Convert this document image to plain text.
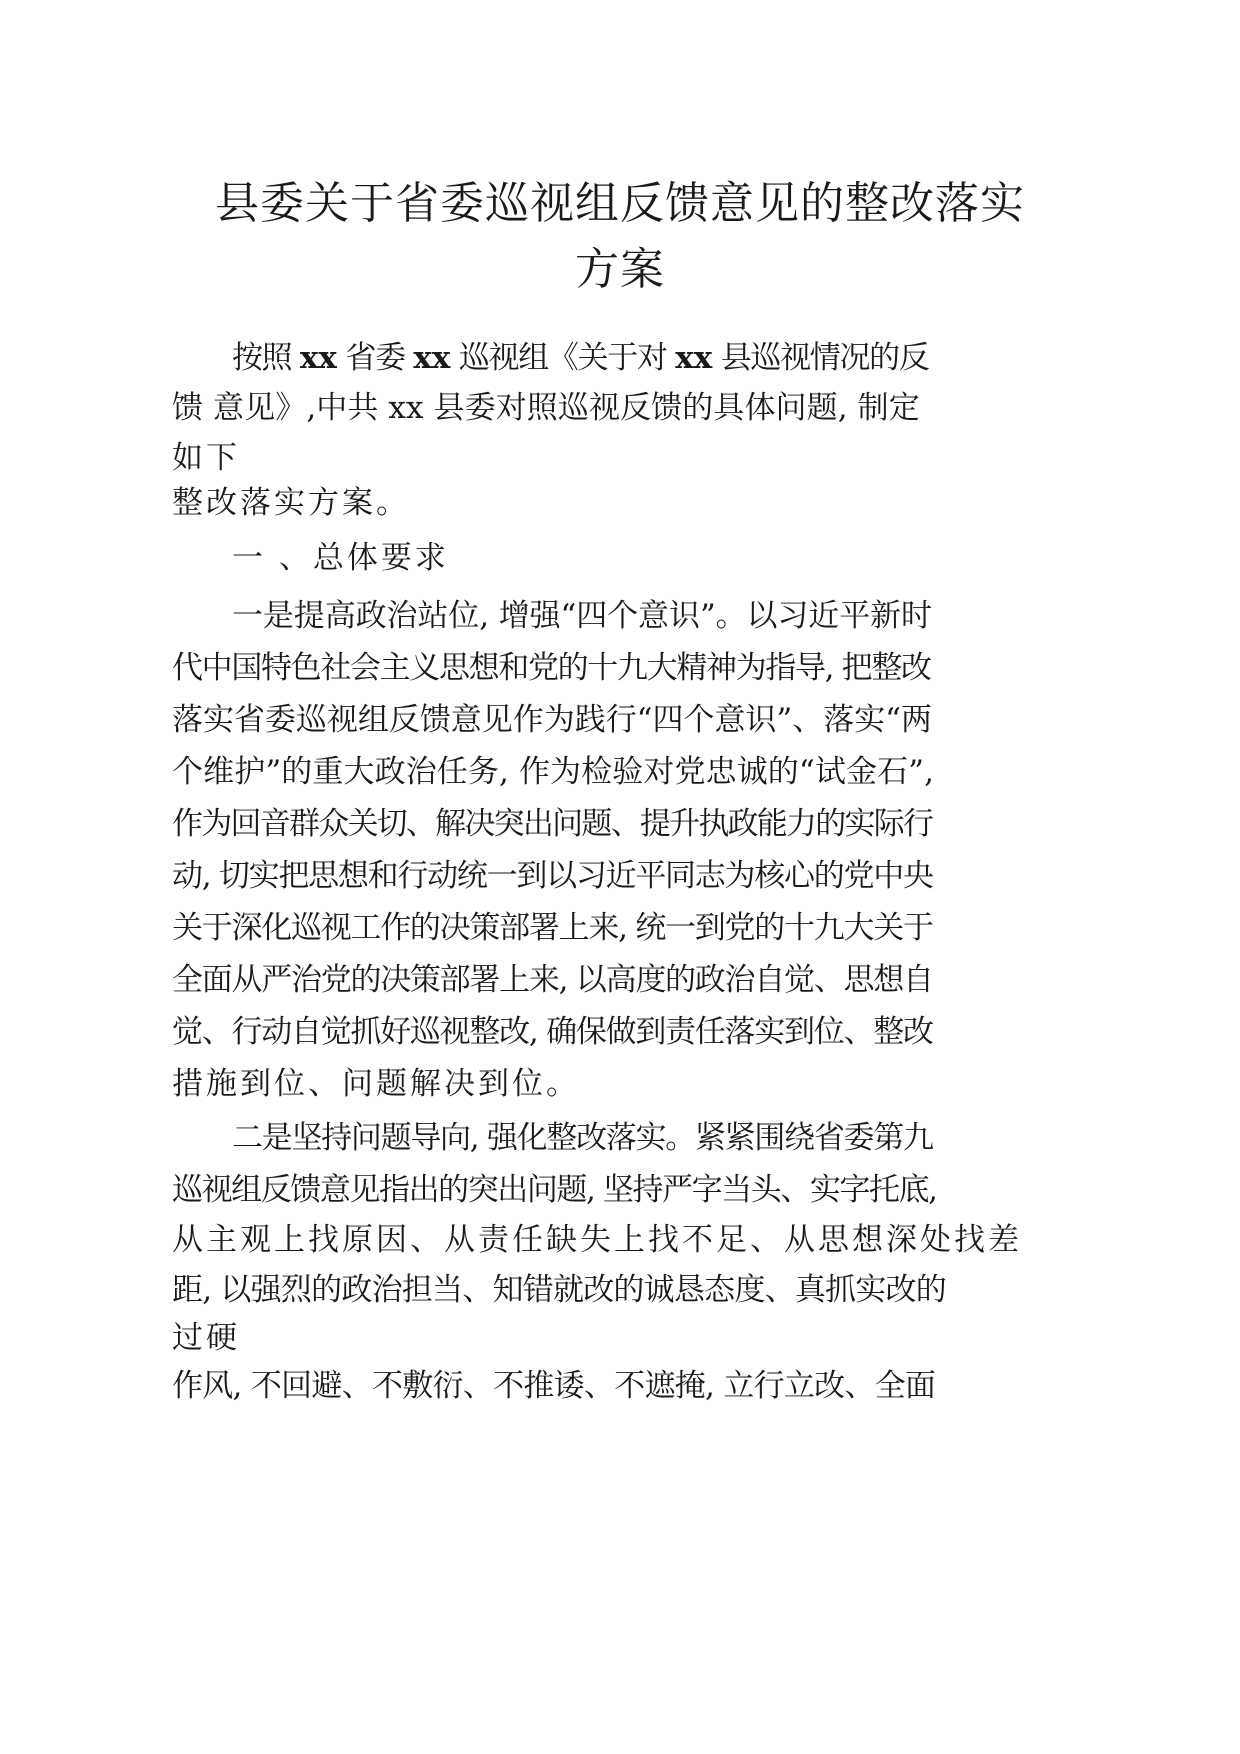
县委关于省委巡视组反馈意见的整改落实
方案
按照 xx 省委 xx 巡视组《关于对 xx 县巡视情况的反
馈 意见》,中共 xx 县委对照巡视反馈的具体问题, 制定
如下
整改落实方案。
一 、总体要求
一是提高政治站位, 增强“四个意识”。以习近平新时
代中国特色社会主义思想和党的十九大精神为指导, 把整改
落实省委巡视组反馈意见作为践行“四个意识”、落实“两
个维护”的重大政治任务, 作为检验对党忠诚的“试金石”,
作为回音群众关切、解决突出问题、提升执政能力的实际行
动, 切实把思想和行动统一到以习近平同志为核心的党中央
关于深化巡视工作的决策部署上来, 统一到党的十九大关于
全面从严治党的决策部署上来, 以高度的政治自觉、思想自
觉、行动自觉抓好巡视整改, 确保做到责任落实到位、整改
措施到位、问题解决到位。
二是坚持问题导向, 强化整改落实。紧紧围绕省委第九
巡视组反馈意见指出的突出问题, 坚持严字当头、实字托底,
从主观上找原因、从责任缺失上找不足、从思想深处找差
距, 以强烈的政治担当、知错就改的诚恳态度、真抓实改的
过硬
作风, 不回避、不敷衍、不推诿、不遮掩, 立行立改、全面
